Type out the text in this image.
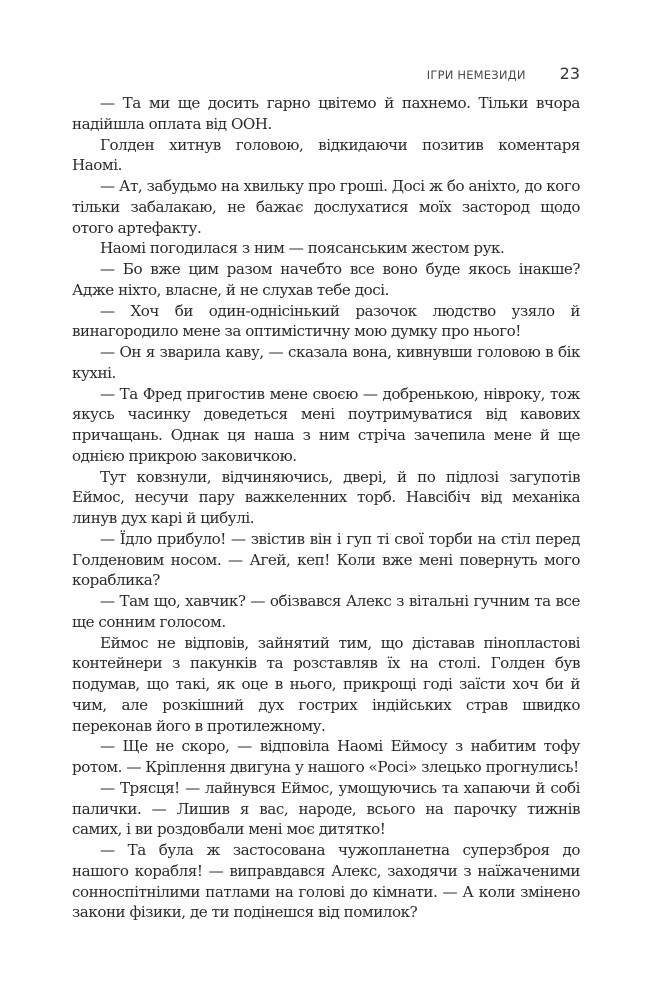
ІГРИ НЕМЕЗИДИ 23

— Та ми ще досить гарно цвітемо й пахнемо. Тільки вчора надійшла оплата від ООН.

Голден хитнув головою, відкидаючи позитив коментаря Наомі.

— Ат, забудьмо на хвильку про гроші. Досі ж бо аніхто, до кого тільки забалакаю, не бажає дослухатися моїх застород щодо отого артефакту.

Наомі погодилася з ним — поясанським жестом рук.

— Бо вже цим разом начебто все воно буде якось інакше? Адже ніхто, власне, й не слухав тебе досі.

— Хоч би один-однісінький разочок людство узяло й винагородило мене за оптимістичну мою думку про нього!

— Он я зварила каву, — сказала вона, кивнувши головою в бік кухні.

— Та Фред пригостив мене своєю — добренькою, нівроку, тож якусь часинку доведеться мені поутримуватися від кавових причащань. Однак ця наша з ним стріча зачепила мене й ще однією прикрою заковичкою.

Тут ковзнули, відчиняючись, двері, й по підлозі загупотів Еймос, несучи пару важкеленних торб. Навсібіч від механіка линув дух карі й цибулі.

— Їдло прибуло! — звістив він і гуп ті свої торби на стіл перед Голденовим носом. — Агей, кеп! Коли вже мені повернуть мого кораблика?

— Там що, хавчик? — обізвався Алекс з вітальні гучним та все ще сонним голосом.

Еймос не відповів, зайнятий тим, що діставав пінопластові контейнери з пакунків та розставляв їх на столі. Голден був подумав, що такі, як оце в нього, прикрощі годі заїсти хоч би й чим, але розкішний дух гострих індійських страв швидко переконав його в протилежному.

— Ще не скоро, — відповіла Наомі Еймосу з набитим тофу ротом. — Кріплення двигуна у нашого «Росі» злецько прогнулись!

— Трясця! — лайнувся Еймос, умощуючись та хапаючи й собі палички. — Лишив я вас, народе, всього на парочку тижнів самих, і ви роздовбали мені моє дитятко!

— Та була ж застосована чужопланетна суперзброя до нашого корабля! — виправдався Алекс, заходячи з наїжаченими сонноспітнілими патлами на голові до кімнати. — А коли змінено закони фізики, де ти подінешся від помилок?
